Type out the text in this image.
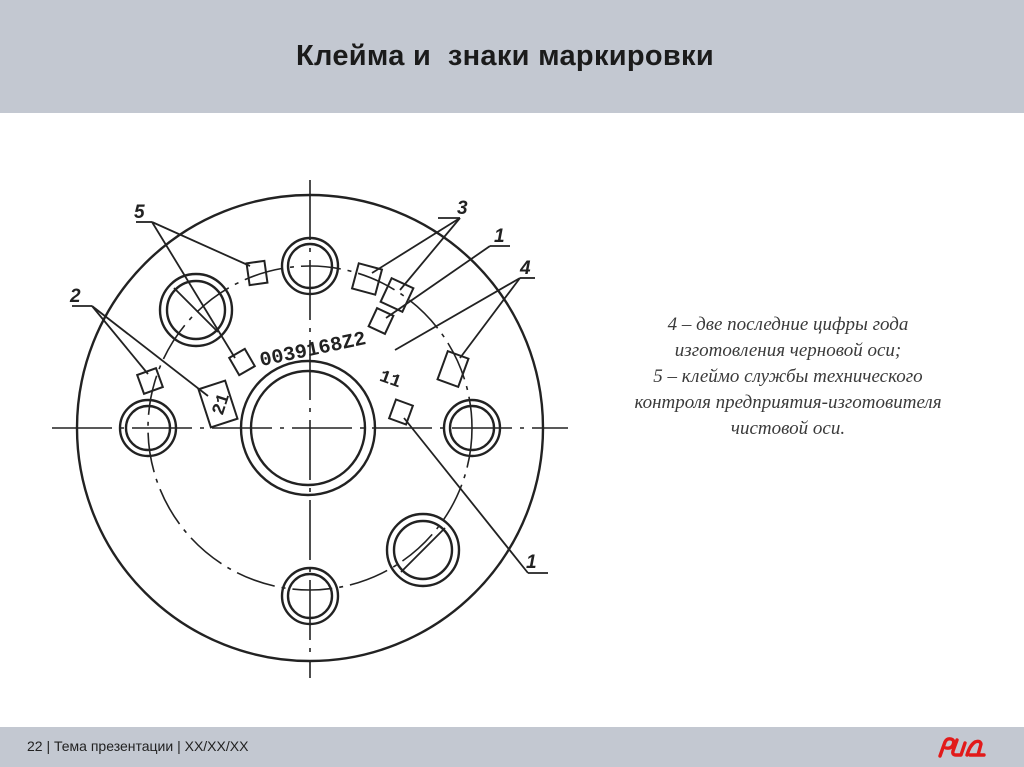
Клейма и  знаки маркировки
5	3
1
4
2
1
0039168Z2
21
11
4 – две последние цифры года
изготовления черновой оси;
5 – клеймо службы технического
контроля предприятия-изготовителя
чистовой оси.
22 | Тема презентации | XX/XX/XX
